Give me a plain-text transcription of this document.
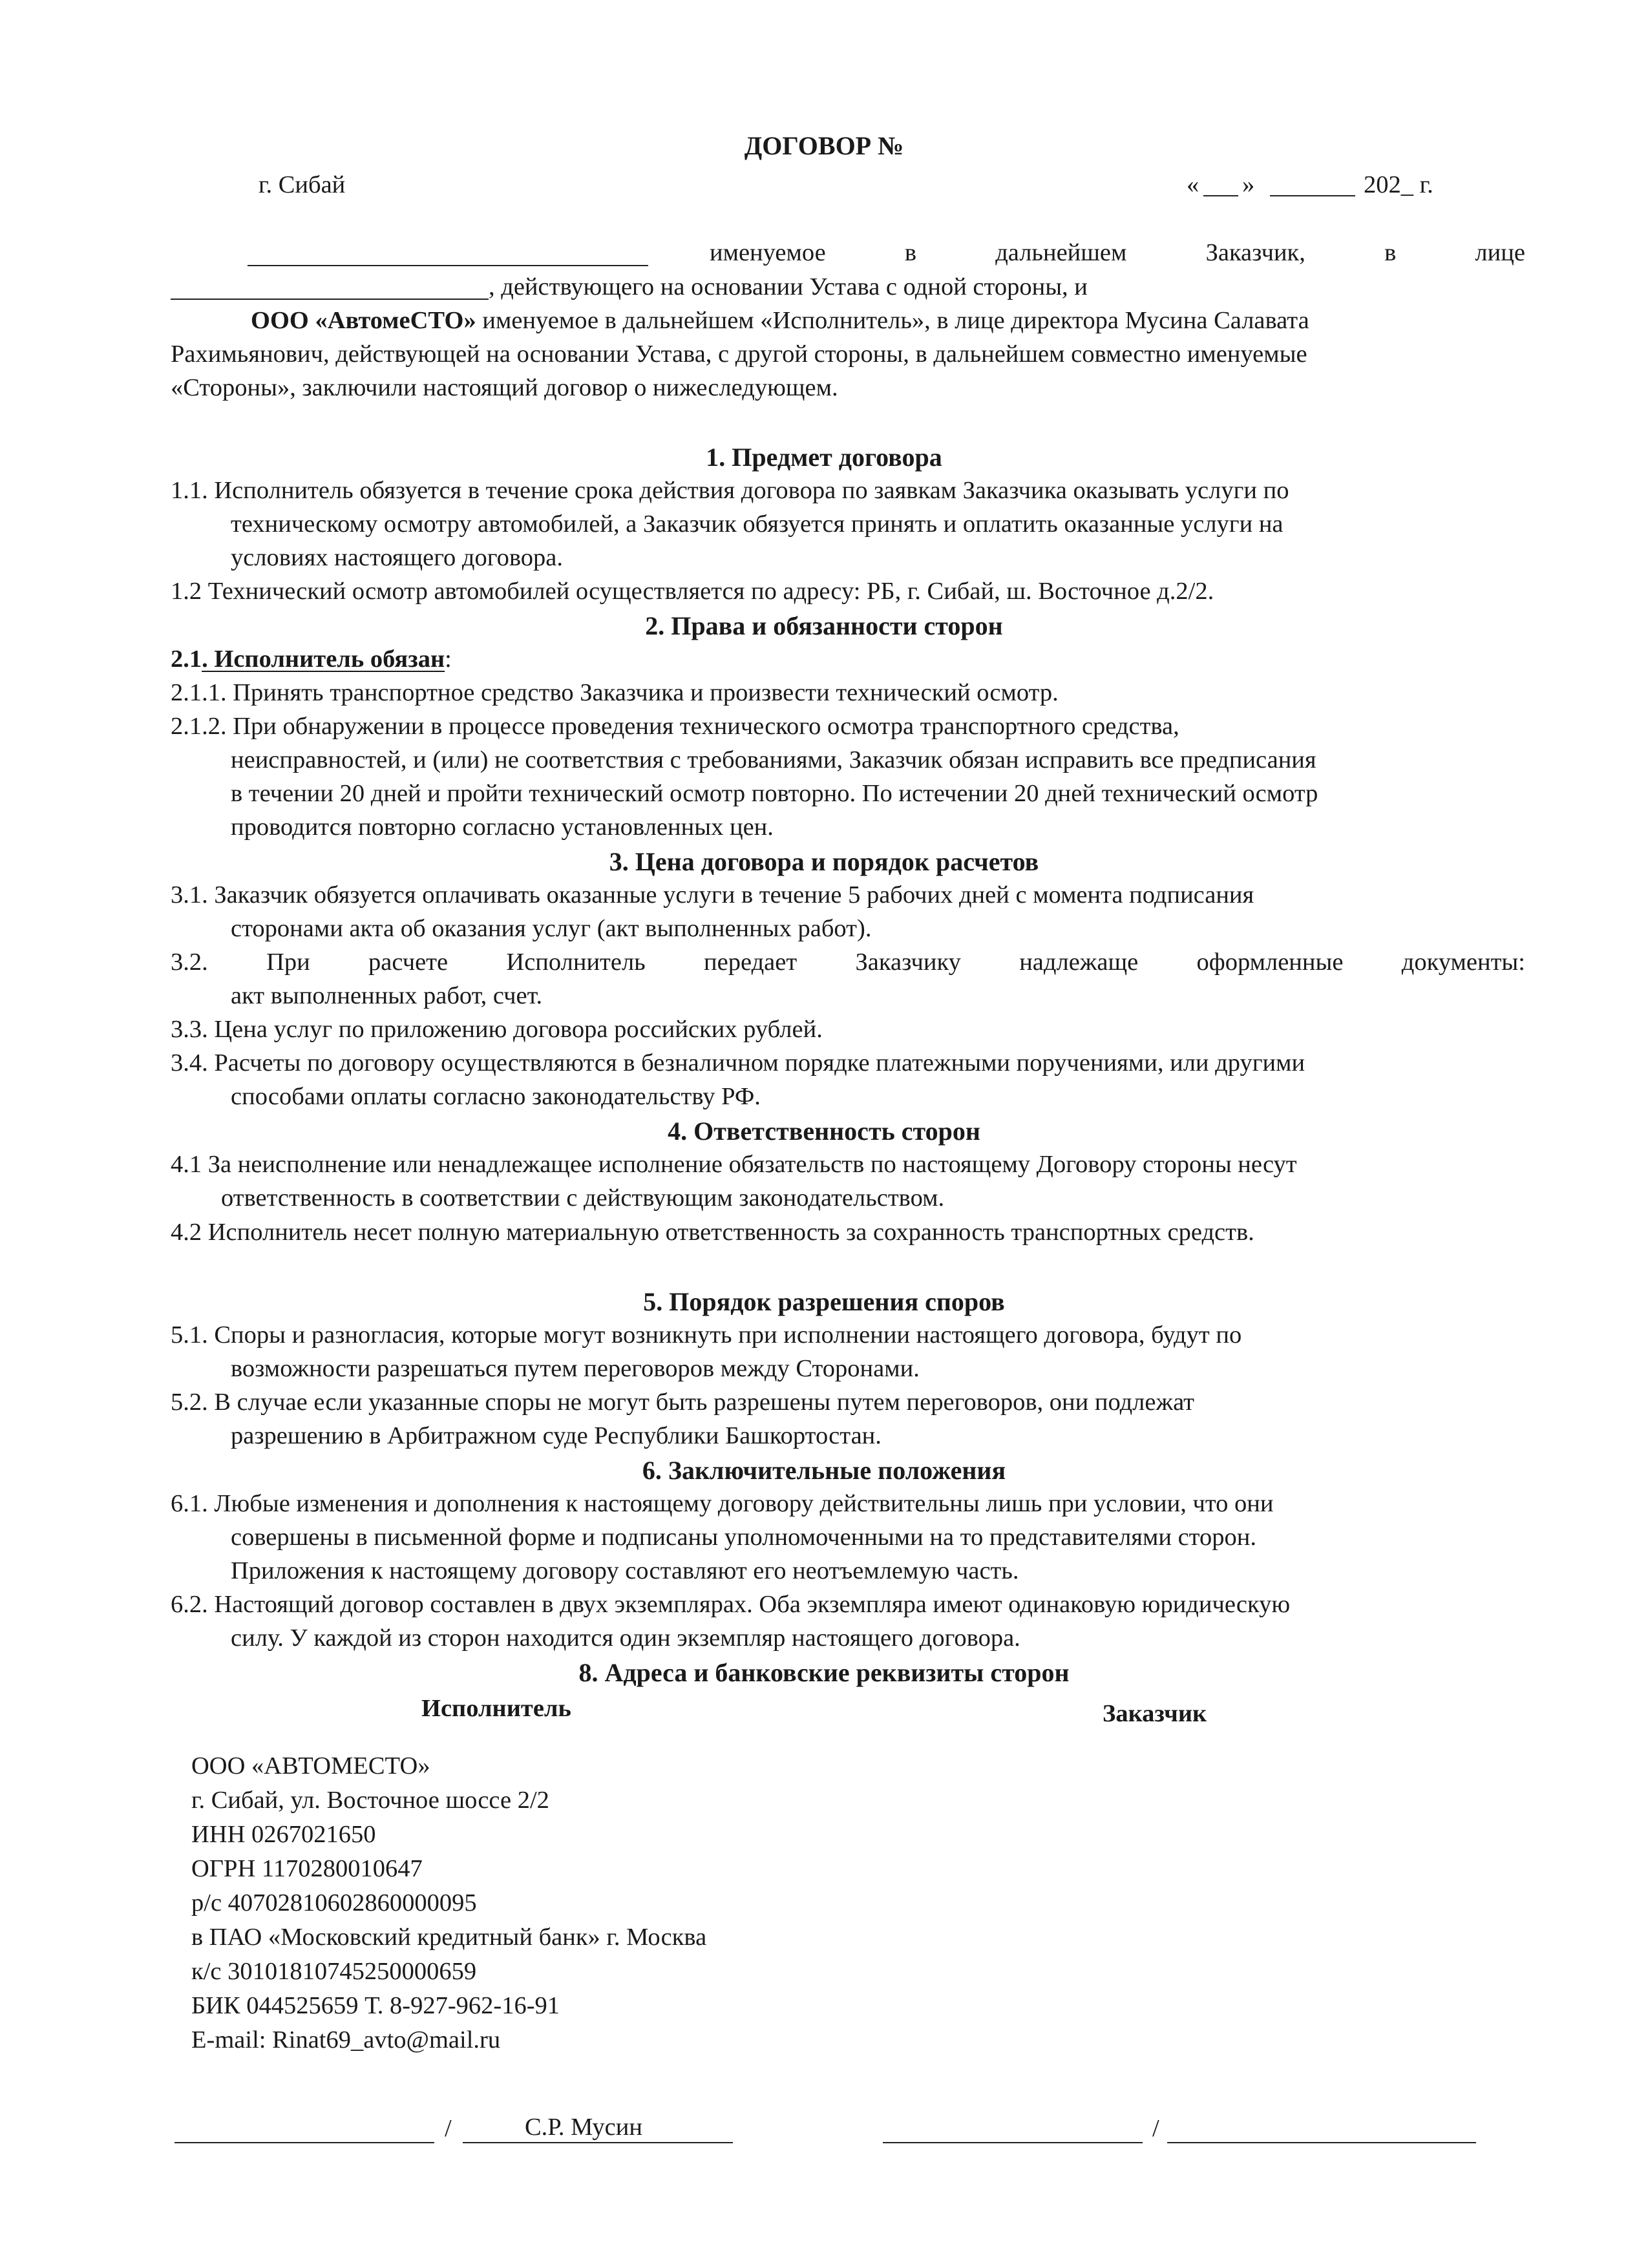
ДОГОВОР №
г. Сибай	« »	202_ г.
именуемое	в	дальнейшем	Заказчик,	в	лице
, действующего на основании Устава с одной стороны, и
ООО «АвтомеСТО» именуемое в дальнейшем «Исполнитель», в лице директора Мусина Салавата
Рахимьянович, действующей на основании Устава, с другой стороны, в дальнейшем совместно именуемые
«Стороны», заключили настоящий договор о нижеследующем.
1. Предмет договора
1.1. Исполнитель обязуется в течение срока действия договора по заявкам Заказчика оказывать услуги по
техническому осмотру автомобилей, а Заказчик обязуется принять и оплатить оказанные услуги на
условиях настоящего договора.
1.2 Технический осмотр автомобилей осуществляется по адресу: РБ, г. Сибай, ш. Восточное д.2/2.
2. Права и обязанности сторон
2.1. Исполнитель обязан:
2.1.1. Принять транспортное средство Заказчика и произвести технический осмотр.
2.1.2. При обнаружении в процессе проведения технического осмотра транспортного средства,
неисправностей, и (или) не соответствия с требованиями, Заказчик обязан исправить все предписания
в течении 20 дней и пройти технический осмотр повторно. По истечении 20 дней технический осмотр
проводится повторно согласно установленных цен.
3. Цена договора и порядок расчетов
3.1. Заказчик обязуется оплачивать оказанные услуги в течение 5 рабочих дней с момента подписания
сторонами акта об оказания услуг (акт выполненных работ).
3.2. При расчете Исполнитель передает Заказчику надлежаще оформленные документы:
акт выполненных работ, счет.
3.3. Цена услуг по приложению договора российских рублей.
3.4. Расчеты по договору осуществляются в безналичном порядке платежными поручениями, или другими
способами оплаты согласно законодательству РФ.
4. Ответственность сторон
4.1 За неисполнение или ненадлежащее исполнение обязательств по настоящему Договору стороны несут
ответственность в соответствии с действующим законодательством.
4.2 Исполнитель несет полную материальную ответственность за сохранность транспортных средств.
5. Порядок разрешения споров
5.1. Споры и разногласия, которые могут возникнуть при исполнении настоящего договора, будут по
возможности разрешаться путем переговоров между Сторонами.
5.2. В случае если указанные споры не могут быть разрешены путем переговоров, они подлежат
разрешению в Арбитражном суде Республики Башкортостан.
6. Заключительные положения
6.1. Любые изменения и дополнения к настоящему договору действительны лишь при условии, что они
совершены в письменной форме и подписаны уполномоченными на то представителями сторон.
Приложения к настоящему договору составляют его неотъемлемую часть.
6.2. Настоящий договор составлен в двух экземплярах. Оба экземпляра имеют одинаковую юридическую
силу. У каждой из сторон находится один экземпляр настоящего договора.
8. Адреса и банковские реквизиты сторон
Исполнитель	Заказчик
ООО «АВТОМЕСТО»
г. Сибай, ул. Восточное шоссе 2/2
ИНН 0267021650
ОГРН 1170280010647
р/с 40702810602860000095
в ПАО «Московский кредитный банк» г. Москва
к/с 30101810745250000659
БИК 044525659 Т. 8-927-962-16-91
E-mail: Rinat69_avto@mail.ru
/	С.Р. Мусин	/
